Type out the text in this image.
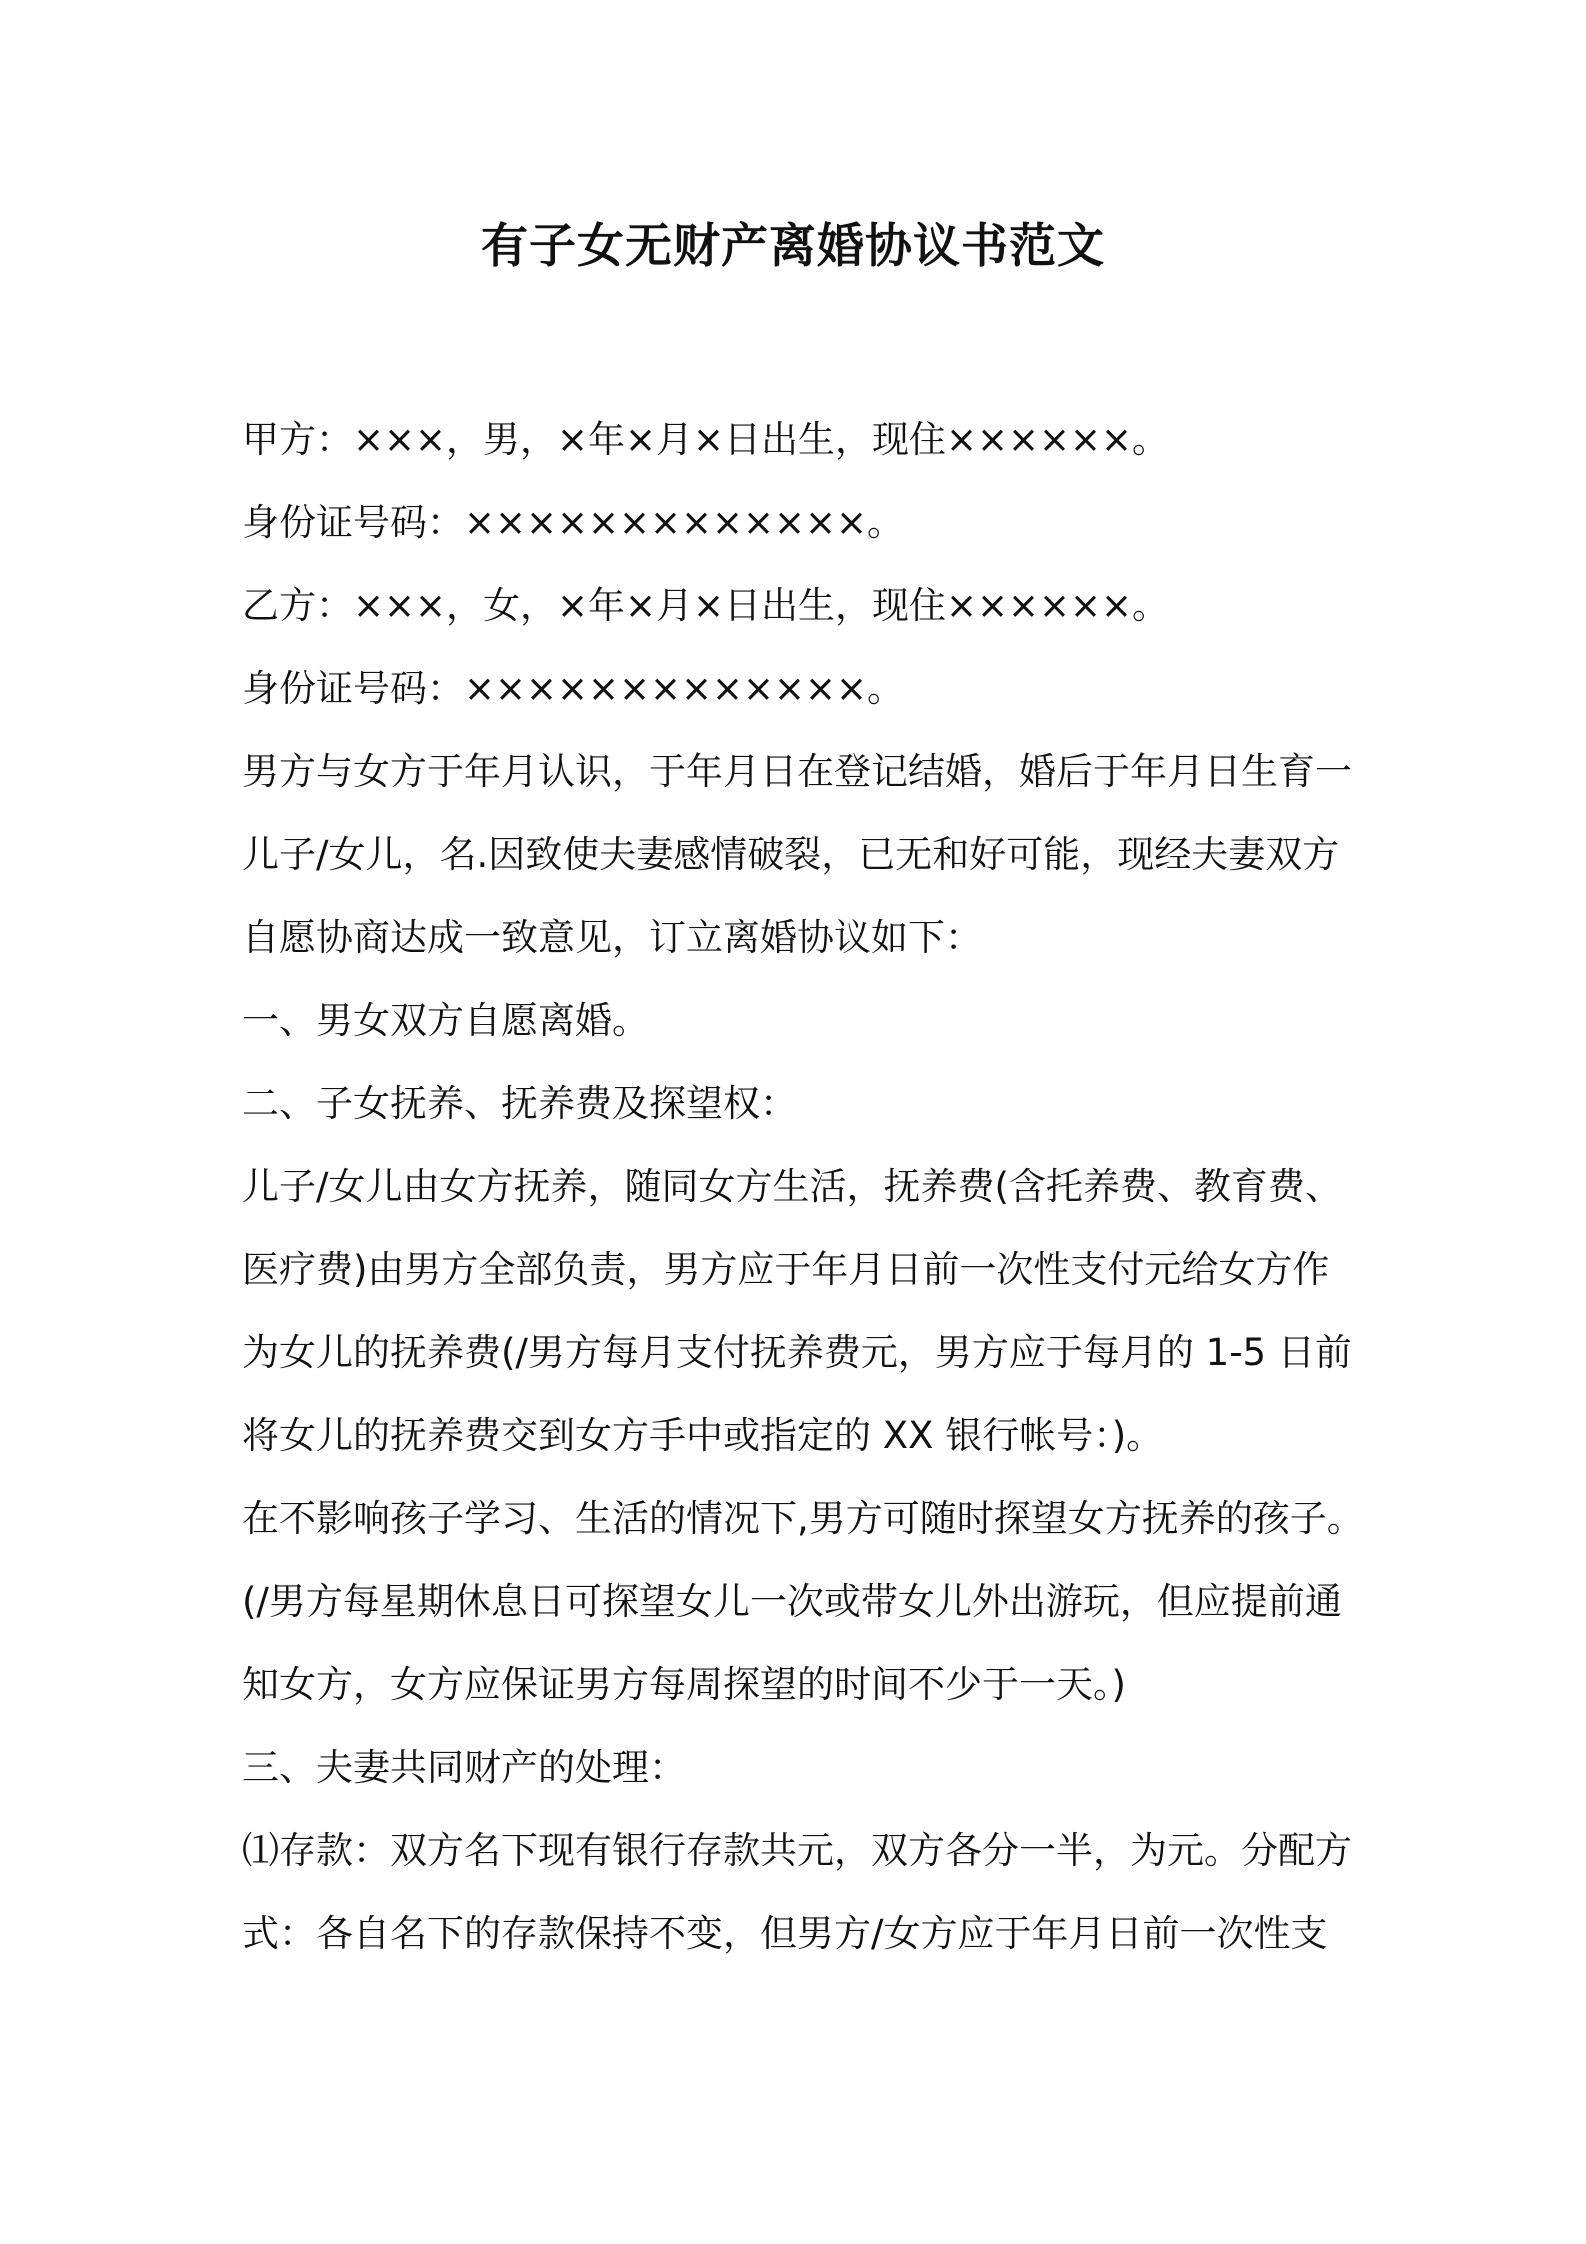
有子女无财产离婚协议书范文
甲方：×××，男，×年×月×日出生，现住××××××。
身份证号码：×××××××××××××。
乙方：×××，女，×年×月×日出生，现住××××××。
身份证号码：×××××××××××××。
男方与女方于年月认识，于年月日在登记结婚，婚后于年月日生育一
儿子/女儿，名.因致使夫妻感情破裂，已无和好可能，现经夫妻双方
自愿协商达成一致意见，订立离婚协议如下：
一、男女双方自愿离婚。
二、子女抚养、抚养费及探望权：
儿子/女儿由女方抚养，随同女方生活，抚养费(含托养费、教育费、
医疗费)由男方全部负责，男方应于年月日前一次性支付元给女方作
为女儿的抚养费(/男方每月支付抚养费元，男方应于每月的 1-5 日前
将女儿的抚养费交到女方手中或指定的 XX 银行帐号：)。
在不影响孩子学习、生活的情况下,男方可随时探望女方抚养的孩子。
(/男方每星期休息日可探望女儿一次或带女儿外出游玩，但应提前通
知女方，女方应保证男方每周探望的时间不少于一天。)
三、夫妻共同财产的处理：
⑴存款：双方名下现有银行存款共元，双方各分一半，为元。分配方
式：各自名下的存款保持不变，但男方/女方应于年月日前一次性支
